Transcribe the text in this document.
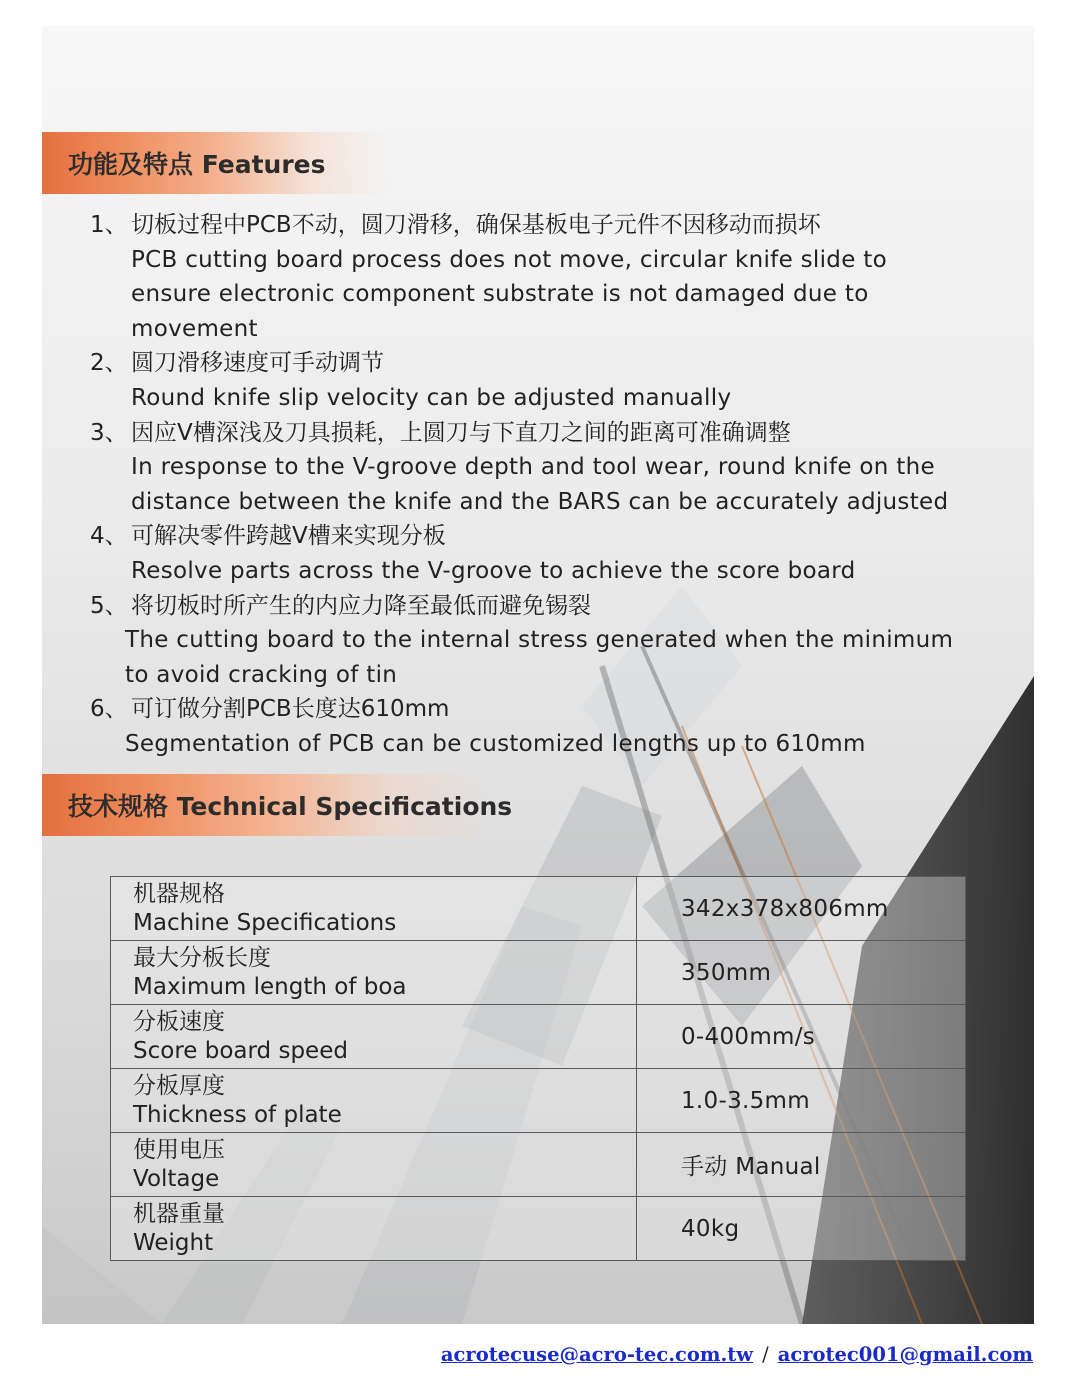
功能及特点 Features
技术规格 Technical Specifications
1、 切板过程中PCB不动，圆刀滑移，确保基板电子元件不因移动而损坏
PCB cutting board process does not move, circular knife slide to ensure electronic component substrate is not damaged due to movement
2、 圆刀滑移速度可手动调节
Round knife slip velocity can be adjusted manually
3、 因应V槽深浅及刀具损耗，上圆刀与下直刀之间的距离可准确调整
In response to the V-groove depth and tool wear, round knife on the distance between the knife and the BARS can be accurately adjusted
4、 可解决零件跨越V槽来实现分板
Resolve parts across the V-groove to achieve the score board
5、 将切板时所产生的内应力降至最低而避免锡裂
The cutting board to the internal stress generated when the minimum to avoid cracking of tin
6、 可订做分割PCB长度达610mm
Segmentation of PCB can be customized lengths up to 610mm
机器规格
Machine Specifications	342x378x806mm

最大分板长度
Maximum length of boa	350mm

分板速度
Score board speed	0-400mm/s

分板厚度
Thickness of plate	1.0-3.5mm

使用电压
Voltage	手动 Manual

机器重量
Weight	40kg
acrotecuse@acro-tec.com.tw / acrotec001@gmail.com
